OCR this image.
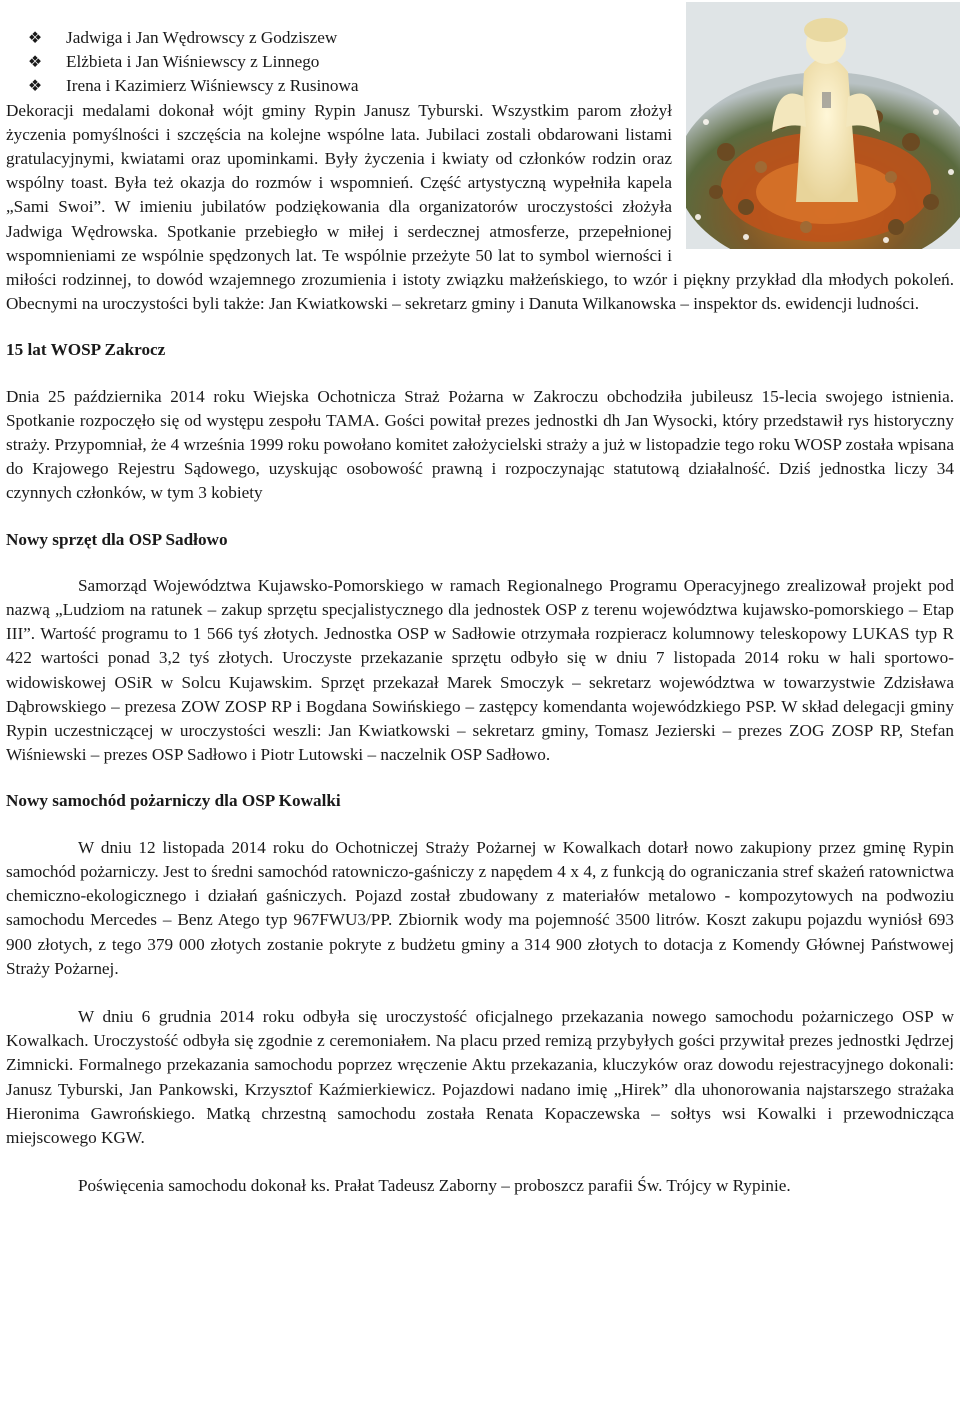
❖	Jadwiga i Jan Wędrowscy z Godziszew
❖	Elżbieta i Jan Wiśniewscy z Linnego
❖	Irena i Kazimierz Wiśniewscy z Rusinowa

Dekoracji medalami dokonał wójt gminy Rypin Janusz Tyburski. Wszystkim parom złożył życzenia pomyślności i szczęścia na kolejne wspólne lata. Jubilaci zostali obdarowani listami gratulacyjnymi, kwiatami oraz upominkami. Były życzenia i kwiaty od członków rodzin oraz wspólny toast. Była też okazja do rozmów i wspomnień. Część artystyczną wypełniła kapela „Sami Swoi”. W imieniu jubilatów podziękowania dla organizatorów uroczystości złożyła Jadwiga Wędrowska. Spotkanie przebiegło w miłej i serdecznej atmosferze, przepełnionej wspomnieniami ze wspólnie spędzonych lat. Te wspólnie przeżyte 50 lat to symbol wierności i miłości rodzinnej, to dowód wzajemnego zrozumienia i istoty związku małżeńskiego, to wzór i piękny przykład dla młodych pokoleń. Obecnymi na uroczystości byli także: Jan Kwiatkowski – sekretarz gminy i Danuta Wilkanowska – inspektor ds. ewidencji ludności.

15 lat WOSP Zakrocz

Dnia 25 października 2014 roku Wiejska Ochotnicza Straż Pożarna w Zakroczu obchodziła jubileusz 15-lecia swojego istnienia. Spotkanie rozpoczęło się od występu zespołu TAMA. Gości powitał prezes jednostki dh Jan Wysocki, który przedstawił rys historyczny straży. Przypomniał, że 4 września 1999 roku powołano komitet założycielski straży a już w listopadzie tego roku WOSP została wpisana do Krajowego Rejestru Sądowego, uzyskując osobowość prawną i rozpoczynając statutową działalność. Dziś jednostka liczy 34 czynnych członków, w tym 3 kobiety

Nowy sprzęt dla OSP Sadłowo

Samorząd Województwa Kujawsko-Pomorskiego w ramach Regionalnego Programu Operacyjnego zrealizował projekt pod nazwą „Ludziom na ratunek – zakup sprzętu specjalistycznego dla jednostek OSP z terenu województwa kujawsko-pomorskiego – Etap III”. Wartość programu to 1 566 tyś złotych. Jednostka OSP w Sadłowie otrzymała rozpieracz kolumnowy teleskopowy LUKAS typ R 422 wartości ponad 3,2 tyś złotych. Uroczyste przekazanie sprzętu odbyło się w dniu 7 listopada 2014 roku w hali sportowo-widowiskowej OSiR w Solcu Kujawskim. Sprzęt przekazał Marek Smoczyk – sekretarz województwa w towarzystwie Zdzisława Dąbrowskiego – prezesa ZOW ZOSP RP i Bogdana Sowińskiego – zastępcy komendanta wojewódzkiego PSP. W skład delegacji gminy Rypin uczestniczącej w uroczystości weszli: Jan Kwiatkowski – sekretarz gminy, Tomasz Jezierski – prezes ZOG ZOSP RP, Stefan Wiśniewski – prezes OSP Sadłowo i Piotr Lutowski – naczelnik OSP Sadłowo.

Nowy samochód pożarniczy dla OSP Kowalki

W dniu 12 listopada 2014 roku do Ochotniczej Straży Pożarnej w Kowalkach dotarł nowo zakupiony przez gminę Rypin samochód pożarniczy. Jest to średni samochód ratowniczo-gaśniczy z napędem 4 x 4, z funkcją do ograniczania stref skażeń ratownictwa chemiczno-ekologicznego i działań gaśniczych. Pojazd został zbudowany z materiałów metalowo - kompozytowych na podwoziu samochodu Mercedes – Benz Atego typ 967FWU3/PP. Zbiornik wody ma pojemność 3500 litrów. Koszt zakupu pojazdu wyniósł 693 900 złotych, z tego 379 000 złotych zostanie pokryte z budżetu gminy a 314 900 złotych to dotacja z Komendy Głównej Państwowej Straży Pożarnej.

W dniu 6 grudnia 2014 roku odbyła się uroczystość oficjalnego przekazania nowego samochodu pożarniczego OSP w Kowalkach. Uroczystość odbyła się zgodnie z ceremoniałem. Na placu przed remizą przybyłych gości przywitał prezes jednostki Jędrzej Zimnicki. Formalnego przekazania samochodu poprzez wręczenie Aktu przekazania, kluczyków oraz dowodu rejestracyjnego dokonali: Janusz Tyburski, Jan Pankowski, Krzysztof Kaźmierkiewicz. Pojazdowi nadano imię „Hirek” dla uhonorowania najstarszego strażaka Hieronima Gawrońskiego. Matką chrzestną samochodu została Renata Kopaczewska – sołtys wsi Kowalki i przewodnicząca miejscowego KGW.

Poświęcenia samochodu dokonał ks. Prałat Tadeusz Zaborny – proboszcz parafii Św. Trójcy w Rypinie.
